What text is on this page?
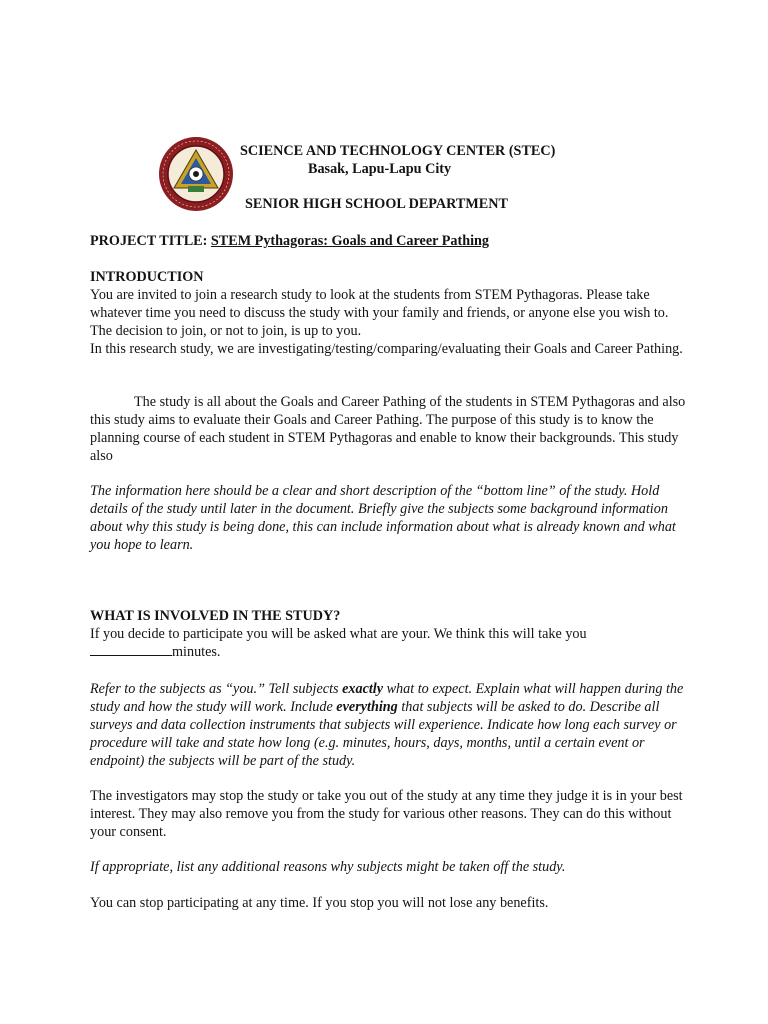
SCIENCE AND TECHNOLOGY CENTER (STEC)
Basak, Lapu-Lapu City
SENIOR HIGH SCHOOL DEPARTMENT
PROJECT TITLE: STEM Pythagoras: Goals and Career Pathing
INTRODUCTION

You are invited to join a research study to look at the students from STEM Pythagoras. Please take whatever time you need to discuss the study with your family and friends, or anyone else you wish to. The decision to join, or not to join, is up to you.

In this research study, we are investigating/testing/comparing/evaluating their Goals and Career Pathing.

The study is all about the Goals and Career Pathing of the students in STEM Pythagoras and also this study aims to evaluate their Goals and Career Pathing. The purpose of this study is to know the planning course of each student in STEM Pythagoras and enable to know their backgrounds. This study also

The information here should be a clear and short description of the “bottom line” of the study. Hold details of the study until later in the document. Briefly give the subjects some background information about why this study is being done, this can include information about what is already known and what you hope to learn.
WHAT IS INVOLVED IN THE STUDY?

If you decide to participate you will be asked what are your. We think this will take you
minutes.

Refer to the subjects as “you.” Tell subjects exactly what to expect. Explain what will happen during the study and how the study will work. Include everything that subjects will be asked to do. Describe all surveys and data collection instruments that subjects will experience. Indicate how long each survey or procedure will take and state how long (e.g. minutes, hours, days, months, until a certain event or endpoint) the subjects will be part of the study.
The investigators may stop the study or take you out of the study at any time they judge it is in your best interest. They may also remove you from the study for various other reasons. They can do this without your consent.
If appropriate, list any additional reasons why subjects might be taken off the study.
You can stop participating at any time. If you stop you will not lose any benefits.
